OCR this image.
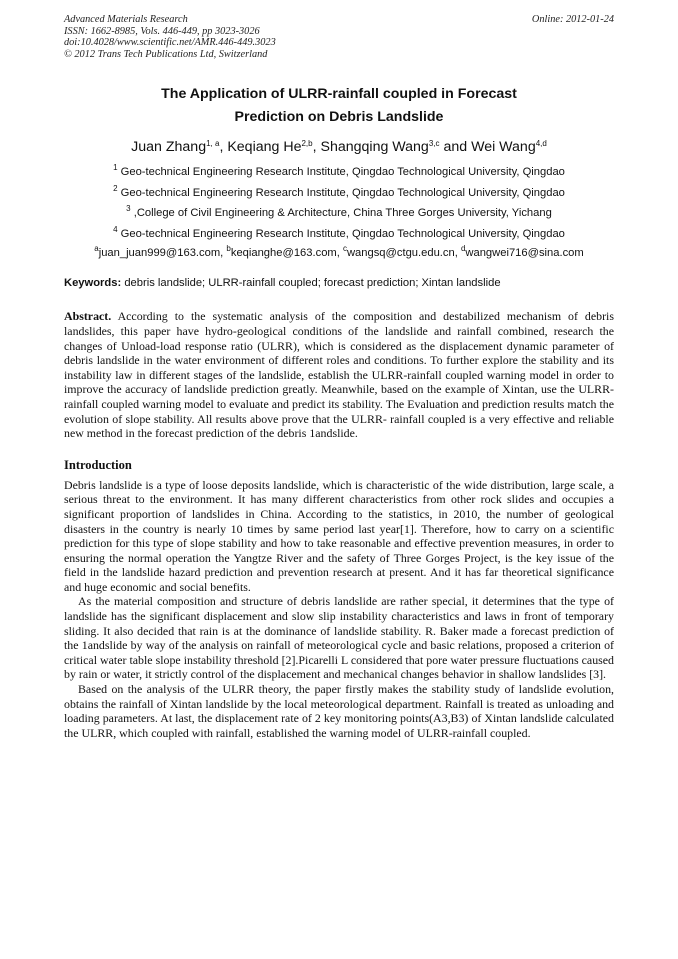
Advanced Materials Research
ISSN: 1662-8985, Vols. 446-449, pp 3023-3026
doi:10.4028/www.scientific.net/AMR.446-449.3023
© 2012 Trans Tech Publications Ltd, Switzerland
Online: 2012-01-24
The Application of ULRR-rainfall coupled in Forecast
Prediction on Debris Landslide
Juan Zhang$^{1, a}$, Keqiang He$^{2,b}$, Shangqing Wang$^{3,c}$ and Wei Wang$^{4,d}$
$^1$ Geo-technical Engineering Research Institute, Qingdao Technological University, Qingdao
$^2$ Geo-technical Engineering Research Institute, Qingdao Technological University, Qingdao
$^3$ ,College of Civil Engineering & Architecture, China Three Gorges University, Yichang
$^4$ Geo-technical Engineering Research Institute, Qingdao Technological University, Qingdao
$^a$juan_juan999@163.com, $^b$keqianghe@163.com, $^c$wangsq@ctgu.edu.cn, $^d$wangwei716@sina.com
Keywords: debris landslide; ULRR-rainfall coupled; forecast prediction; Xintan landslide
Abstract. According to the systematic analysis of the composition and destabilized mechanism of debris landslides, this paper have hydro-geological conditions of the landslide and rainfall combined, research the changes of Unload-load response ratio (ULRR), which is considered as the displacement dynamic parameter of debris landslide in the water environment of different roles and conditions. To further explore the stability and its instability law in different stages of the landslide, establish the ULRR-rainfall coupled warning model in order to improve the accuracy of landslide prediction greatly. Meanwhile, based on the example of Xintan, use the ULRR-rainfall coupled warning model to evaluate and predict its stability. The Evaluation and prediction results match the evolution of slope stability. All results above prove that the ULRR- rainfall coupled is a very effective and reliable new method in the forecast prediction of the debris 1andslide.
Introduction

Debris landslide is a type of loose deposits landslide, which is characteristic of the wide distribution, large scale, a serious threat to the environment. It has many different characteristics from other rock slides and occupies a significant proportion of landslides in China. According to the statistics, in 2010, the number of geological disasters in the country is nearly 10 times by same period last year[1]. Therefore, how to carry on a scientific prediction for this type of slope stability and how to take reasonable and effective prevention measures, in order to ensuring the normal operation the Yangtze River and the safety of Three Gorges Project, is the key issue of the field in the landslide hazard prediction and prevention research at present. And it has far theoretical significance and huge economic and social benefits.

As the material composition and structure of debris landslide are rather special, it determines that the type of landslide has the significant displacement and slow slip instability characteristics and laws in front of temporary sliding. It also decided that rain is at the dominance of landslide stability. R. Baker made a forecast prediction of the 1andslide by way of the analysis on rainfall of meteorological cycle and basic relations, proposed a criterion of critical water table slope instability threshold [2].Picarelli L considered that pore water pressure fluctuations caused by rain or water, it strictly control of the displacement and mechanical changes behavior in shallow landslides [3].

Based on the analysis of the ULRR theory, the paper firstly makes the stability study of landslide evolution, obtains the rainfall of Xintan landslide by the local meteorological department. Rainfall is treated as unloading and loading parameters. At last, the displacement rate of 2 key monitoring points(A3,B3) of Xintan landslide calculated the ULRR, which coupled with rainfall, established the warning model of ULRR-rainfall coupled.
